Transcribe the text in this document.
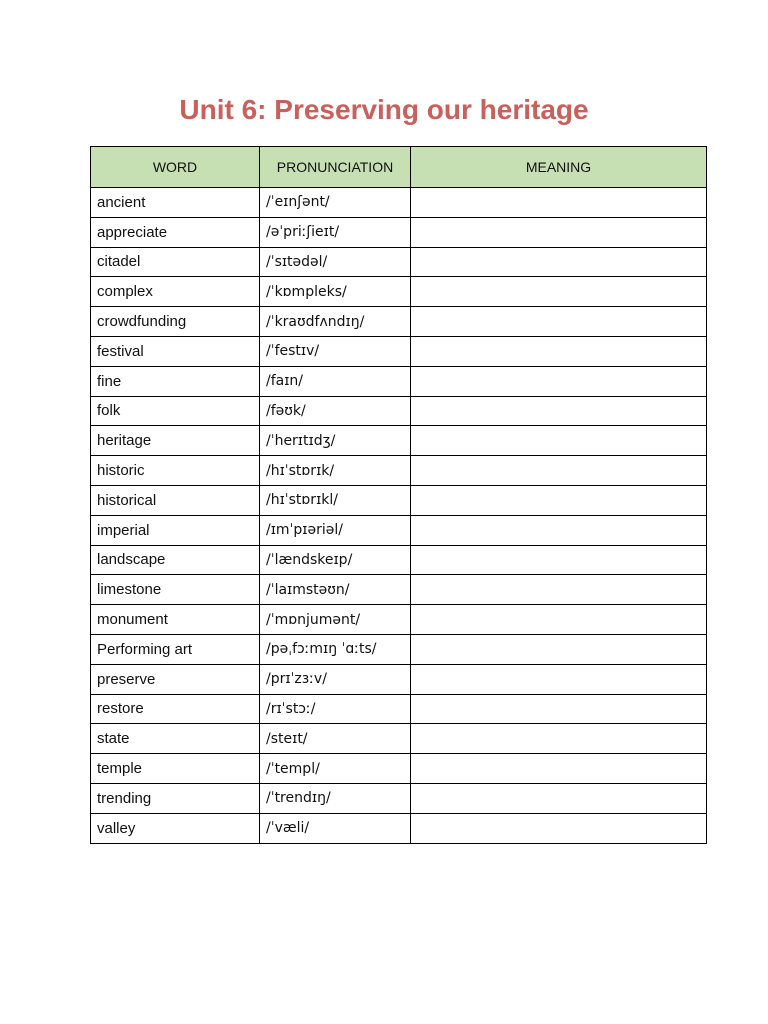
Unit 6: Preserving our heritage
WORD	PRONUNCIATION	MEANING
ancient	/ˈeɪnʃənt/	
appreciate	/əˈpriːʃieɪt/	
citadel	/ˈsɪtədəl/	
complex	/ˈkɒmpleks/	
crowdfunding	/ˈkraʊdfʌndɪŋ/	
festival	/ˈfestɪv/	
fine	/faɪn/	
folk	/fəʊk/	
heritage	/ˈherɪtɪdʒ/	
historic	/hɪˈstɒrɪk/	
historical	/hɪˈstɒrɪkl/	
imperial	/ɪmˈpɪəriəl/	
landscape	/ˈlændskeɪp/	
limestone	/ˈlaɪmstəʊn/	
monument	/ˈmɒnjumənt/	
Performing art	/pəˌfɔːmɪŋ ˈɑːts/	
preserve	/prɪˈzɜːv/	
restore	/rɪˈstɔː/	
state	/steɪt/	
temple	/ˈtempl/	
trending	/ˈtrendɪŋ/	
valley	/ˈvæli/	
